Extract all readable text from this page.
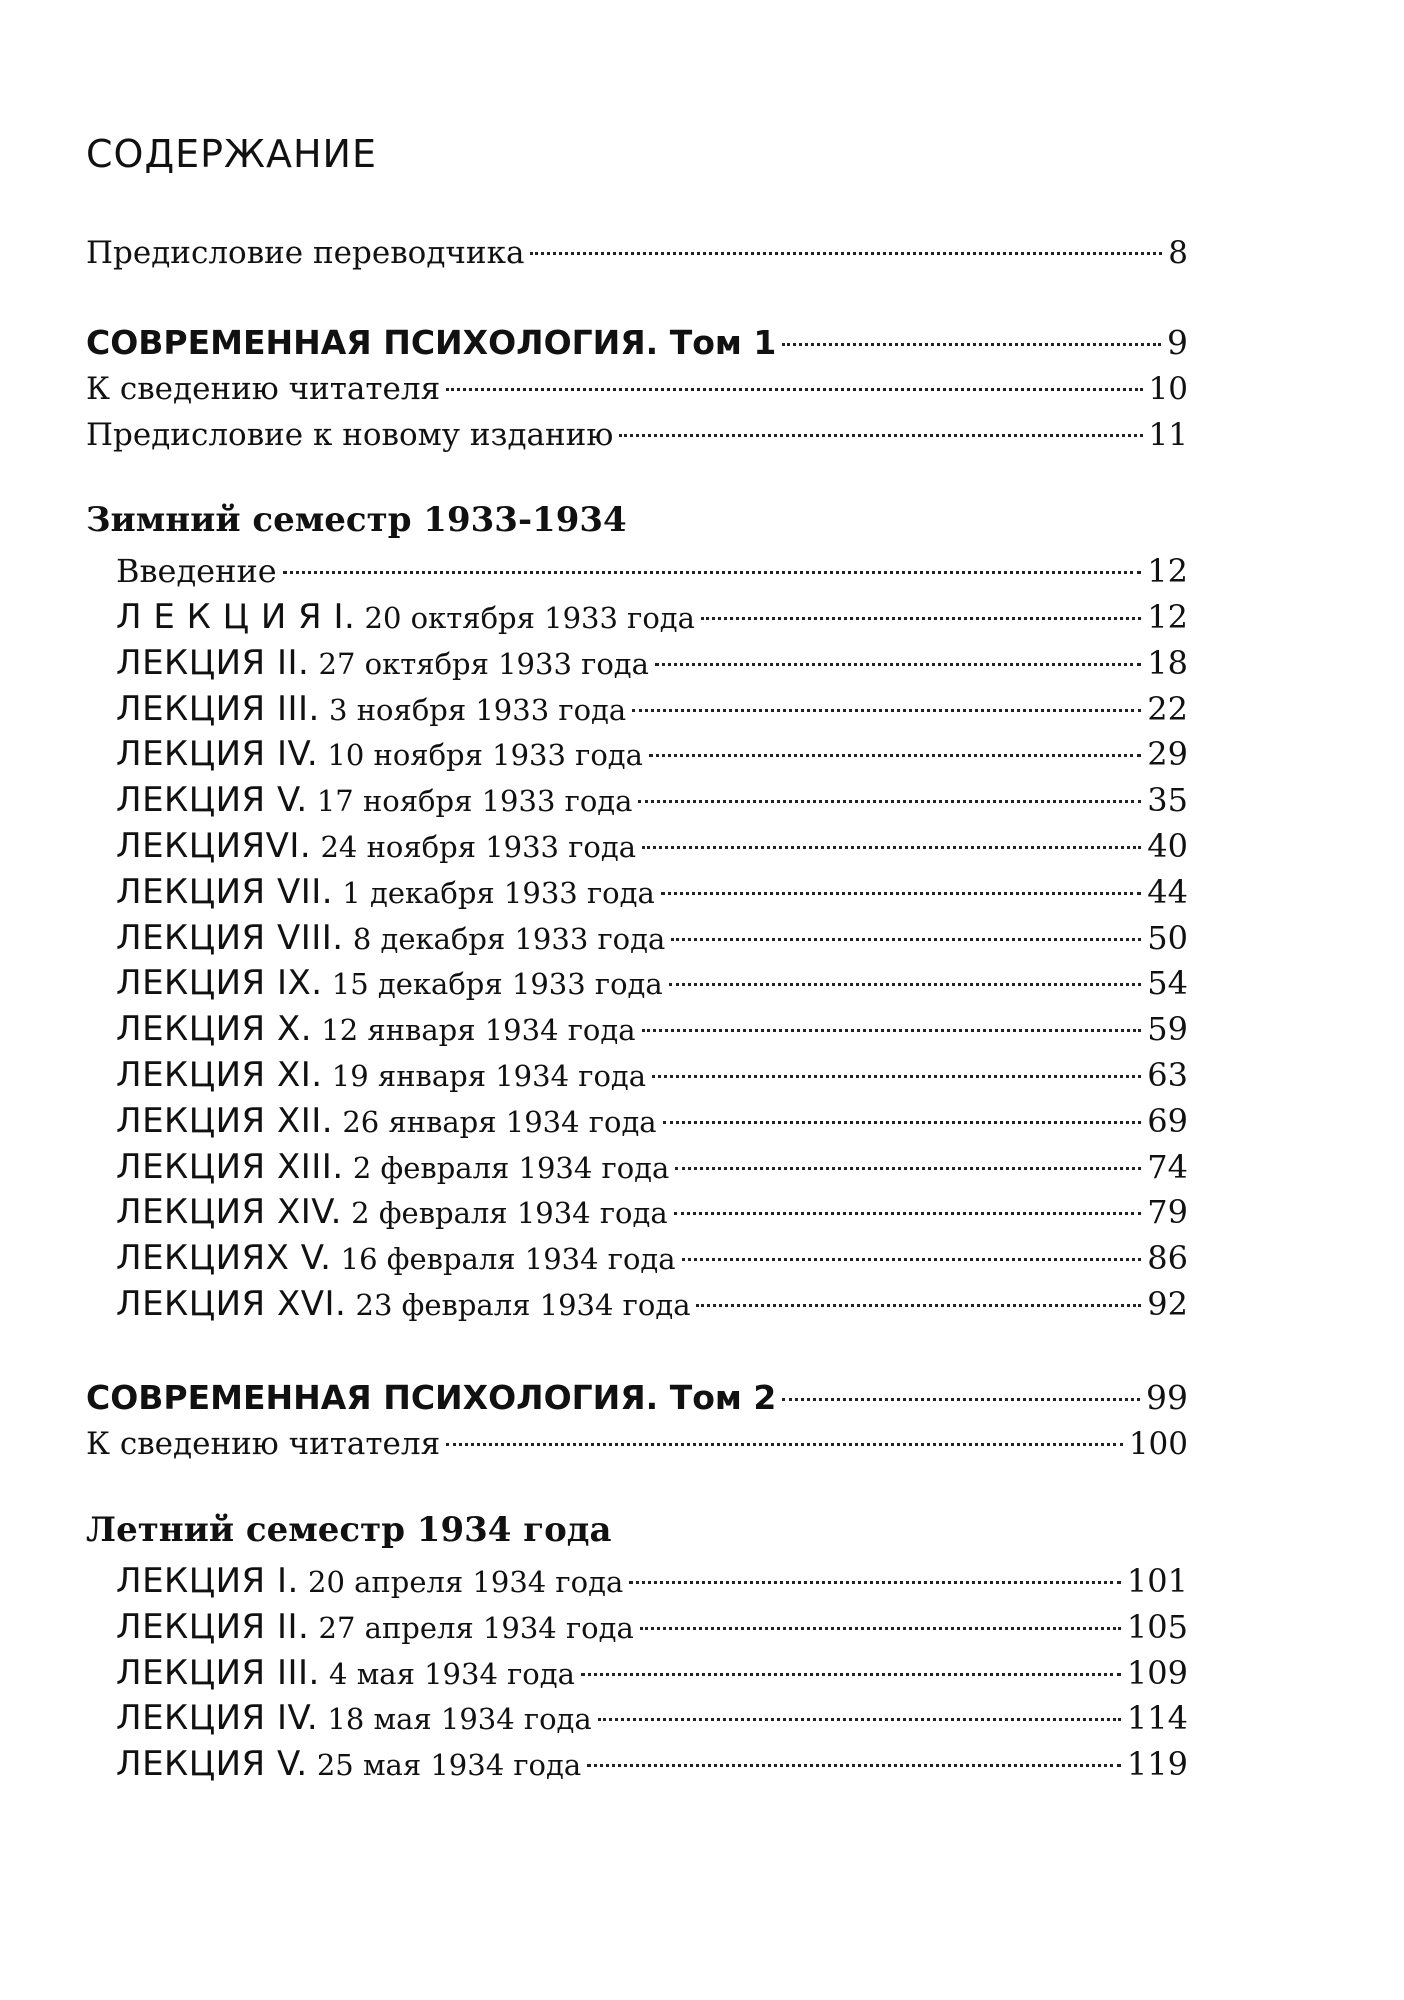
СОДЕРЖАНИЕ
Предисловие переводчика	8
СОВРЕМЕННАЯ ПСИХОЛОГИЯ. Том 1	9
К сведению читателя	10
Предисловие к новому изданию	11
Зимний семестр 1933-1934
Введение	12
Л Е К Ц И Я I. 20 октября 1933 года	12
ЛЕКЦИЯ II. 27 октября 1933 года	18
ЛЕКЦИЯ III. 3 ноября 1933 года	22
ЛЕКЦИЯ IV. 10 ноября 1933 года	29
ЛЕКЦИЯ V. 17 ноября 1933 года	35
ЛЕКЦИЯVI. 24 ноября 1933 года	40
ЛЕКЦИЯ VII. 1 декабря 1933 года	44
ЛЕКЦИЯ VIII. 8 декабря 1933 года	50
ЛЕКЦИЯ IX. 15 декабря 1933 года	54
ЛЕКЦИЯ X. 12 января 1934 года	59
ЛЕКЦИЯ XI. 19 января 1934 года	63
ЛЕКЦИЯ XII. 26 января 1934 года	69
ЛЕКЦИЯ XIII. 2 февраля 1934 года	74
ЛЕКЦИЯ XIV. 2 февраля 1934 года	79
ЛЕКЦИЯХ V. 16 февраля 1934 года	86
ЛЕКЦИЯ XVI. 23 февраля 1934 года	92
СОВРЕМЕННАЯ ПСИХОЛОГИЯ. Том 2	99
К сведению читателя	100
Летний семестр 1934 года
ЛЕКЦИЯ I. 20 апреля 1934 года	101
ЛЕКЦИЯ II. 27 апреля 1934 года	105
ЛЕКЦИЯ III. 4 мая 1934 года	109
ЛЕКЦИЯ IV. 18 мая 1934 года	114
ЛЕКЦИЯ V. 25 мая 1934 года	119
